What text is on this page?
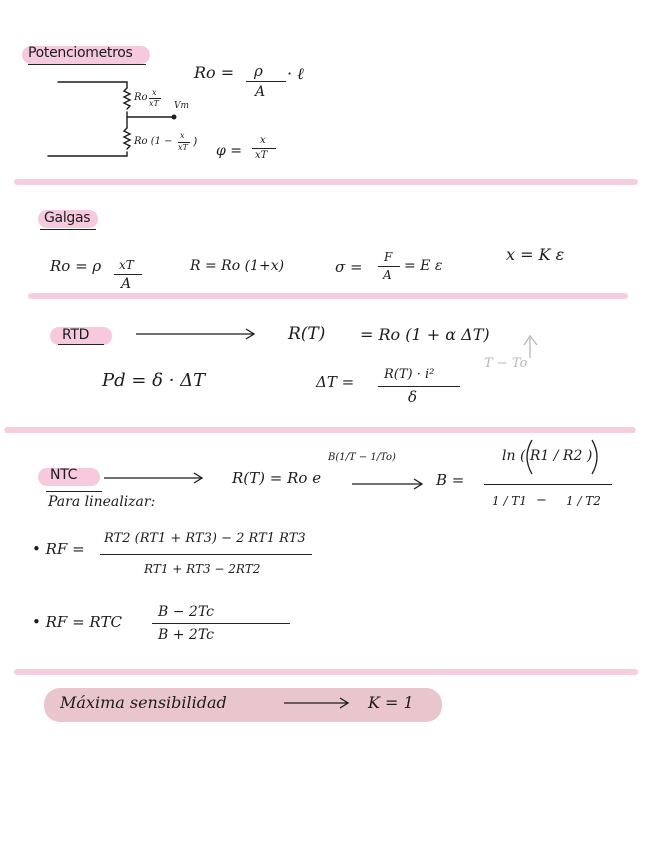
Potenciometros
Ro = ρ
A
· ℓ
Ro x
xT Vm
Ro (1 −
x
xT )
φ =
x
xT
Galgas
Ro = ρ xT
A
R = Ro (1+x)	σ =
F
A
= E ε
x = K ε
RTD	R(T) = Ro (1 + α ΔT)
T − To
Pd = δ · ΔT	ΔT = R(T) · i²
δ
NTC
Para linealizar:
R(T) = Ro e
B(1/T − 1/To)
B =
ln ( R1 / R2 )
1 / T1 − 1 / T2
• RF =
RT2 (RT1 + RT3) − 2 RT1 RT3
RT1 + RT3 − 2RT2
• RF = RTC
B − 2Tc
B + 2Tc
Máxima sensibilidad	K = 1
